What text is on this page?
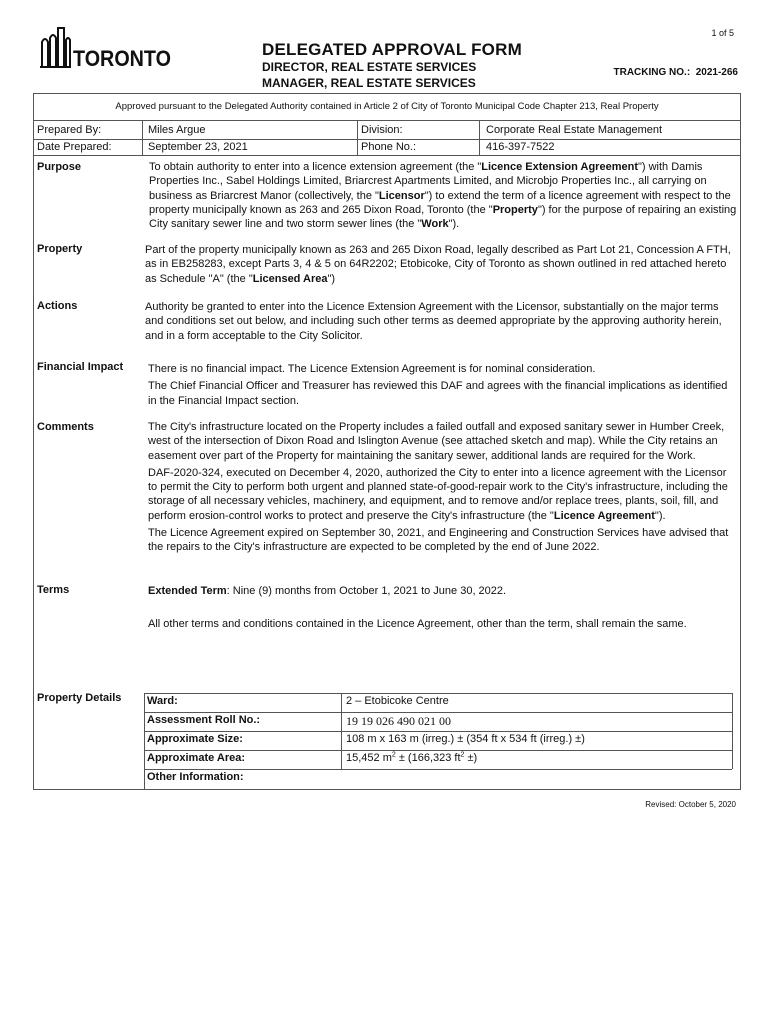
1 of 5
TORONTO	DELEGATED APPROVAL FORM
DIRECTOR, REAL ESTATE SERVICES
MANAGER, REAL ESTATE SERVICES
TRACKING NO.: 2021-266
Approved pursuant to the Delegated Authority contained in Article 2 of City of Toronto Municipal Code Chapter 213, Real Property
Prepared By:	Miles Argue	Division:	Corporate Real Estate Management
Date Prepared:	September 23, 2021	Phone No.:	416-397-7522
Purpose	To obtain authority to enter into a licence extension agreement (the "Licence Extension Agreement") with Damis Properties Inc., Sabel Holdings Limited, Briarcrest Apartments Limited, and Microbjo Properties Inc., all carrying on business as Briarcrest Manor (collectively, the "Licensor") to extend the term of a licence agreement with respect to the property municipally known as 263 and 265 Dixon Road, Toronto (the "Property") for the purpose of repairing an existing City sanitary sewer line and two storm sewer lines (the "Work").

Property	Part of the property municipally known as 263 and 265 Dixon Road, legally described as Part Lot 21, Concession A FTH, as in EB258283, except Parts 3, 4 & 5 on 64R2202; Etobicoke, City of Toronto as shown outlined in red attached hereto as Schedule "A" (the "Licensed Area")

Actions	Authority be granted to enter into the Licence Extension Agreement with the Licensor, substantially on the major terms and conditions set out below, and including such other terms as deemed appropriate by the approving authority herein, and in a form acceptable to the City Solicitor.

Financial Impact There is no financial impact. The Licence Extension Agreement is for nominal consideration.

The Chief Financial Officer and Treasurer has reviewed this DAF and agrees with the financial implications as identified in the Financial Impact section.

Comments	The City's infrastructure located on the Property includes a failed outfall and exposed sanitary sewer in Humber Creek, west of the intersection of Dixon Road and Islington Avenue (see attached sketch and map). While the City retains an easement over part of the Property for maintaining the sanitary sewer, additional lands are required for the Work.

DAF-2020-324, executed on December 4, 2020, authorized the City to enter into a licence agreement with the Licensor to permit the City to perform both urgent and planned state-of-good-repair work to the City's infrastructure, including the storage of all necessary vehicles, machinery, and equipment, and to remove and/or replace trees, plants, soil, fill, and perform erosion-control works to protect and preserve the City's infrastructure (the "Licence Agreement").

The Licence Agreement expired on September 30, 2021, and Engineering and Construction Services have advised that the repairs to the City's infrastructure are expected to be completed by the end of June 2022.

Terms	Extended Term: Nine (9) months from October 1, 2021 to June 30, 2022.

All other terms and conditions contained in the Licence Agreement, other than the term, shall remain the same.

Property Details Ward:	2 – Etobicoke Centre
Assessment Roll No.:	19 19 026 490 021 00
Approximate Size:	108 m x 163 m (irreg.) ± (354 ft x 534 ft (irreg.) ±)
Approximate Area:	15,452 $m^2 \pm (166,323$ $ft^2$ ±)
Other Information:
Revised: October 5, 2020
